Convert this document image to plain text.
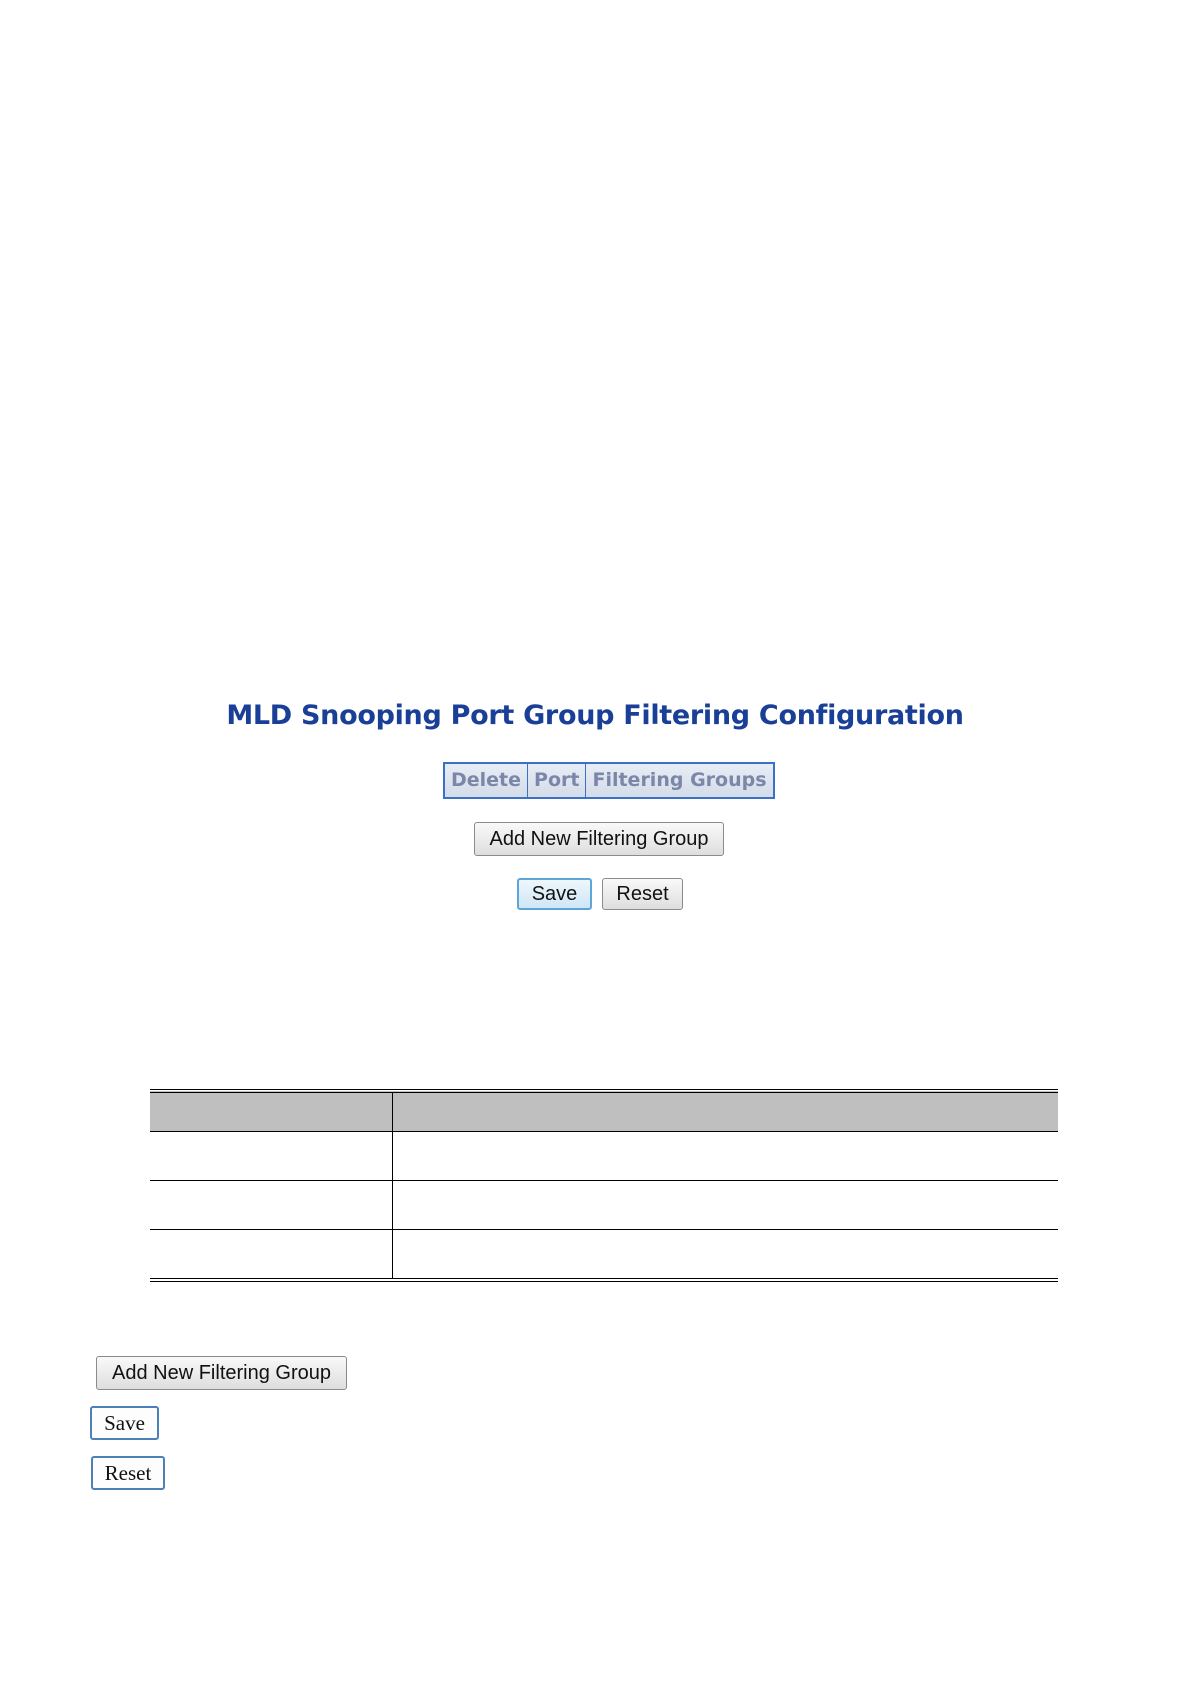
MLD Snooping Port Group Filtering Configuration
Delete	Port	Filtering Groups
Add New Filtering Group
Save	Reset

Add New Filtering Group
Save
Reset
